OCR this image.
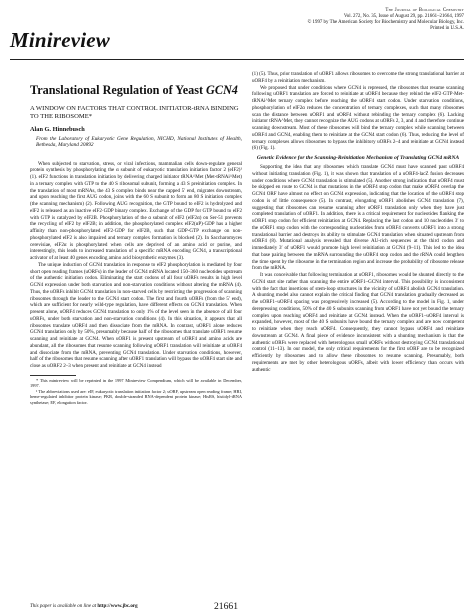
Minireview
The Journal of Biological Chemistry
Vol. 272, No. 35, Issue of August 29, pp. 21661–21664, 1997
© 1997 by The American Society for Biochemistry and Molecular Biology, Inc.
Printed in U.S.A.
Translational Regulation of Yeast GCN4
A WINDOW ON FACTORS THAT CONTROL INITIATOR-tRNA BINDING TO THE RIBOSOME*
Alan G. Hinnebusch
From the Laboratory of Eukaryotic Gene Regulation, NICHD, National Institutes of Health, Bethesda, Maryland 20892

When subjected to starvation, stress, or viral infections, mammalian cells down-regulate general protein synthesis by phosphorylating the α subunit of eukaryotic translation initiation factor 2 (eIF2)¹ (1). eIF2 functions in translation initiation by delivering charged initiator tRNA^Met (Met-tRNAi^Met) in a ternary complex with GTP to the 40 S ribosomal subunit, forming a 43 S preinitiation complex. In the translation of most mRNAs, the 43 S complex binds near the capped 5′ end, migrates downstream, and upon reaching the first AUG codon, joins with the 60 S subunit to form an 80 S initiation complex (the scanning mechanism) (2). Following AUG recognition, the GTP bound to eIF2 is hydrolyzed and eIF2 is released as an inactive eIF2·GDP binary complex. Exchange of the GDP for GTP bound to eIF2 with GTP is catalyzed by eIF2B. Phosphorylation of the α subunit of eIF2 (eIF2α) on Ser-51 prevents the recycling of eIF2 by eIF2B; in addition, the phosphorylated complex eIF2(αP)·GDP has a higher affinity than non-phosphorylated eIF2·GDP for eIF2B, such that GDP-GTP exchange on non-phosphorylated eIF2 is also impaired and ternary complex formation is blocked (2). In Saccharomyces cerevisiae, eIF2α is phosphorylated when cells are deprived of an amino acid or purine, and interestingly, this leads to increased translation of a specific mRNA encoding GCN4, a transcriptional activator of at least 40 genes encoding amino acid biosynthetic enzymes (3).

The unique induction of GCN4 translation in response to eIF2 phosphorylation is mediated by four short open reading frames (uORFs) in the leader of GCN4 mRNA located 150–360 nucleotides upstream of the authentic initiation codon. Eliminating the start codons of all four uORFs results in high level GCN4 expression under both starvation and non-starvation conditions without altering the mRNA (4). Thus, the uORFs inhibit GCN4 translation in non-starved cells by restricting the progression of scanning ribosomes through the leader to the GCN4 start codon. The first and fourth uORFs (from the 5′ end), which are sufficient for nearly wild-type regulation, have different effects on GCN4 translation. When present alone, uORF4 reduces GCN4 translation to only 1% of the level seen in the absence of all four uORFs, under both starvation and non-starvation conditions (4). In this situation, it appears that all ribosomes translate uORF4 and then dissociate from the mRNA. In contrast, uORF1 alone reduces GCN4 translation only by 50%, presumably because half of the ribosomes that translate uORF1 resume scanning and reinitiate at GCN4. When uORF1 is present upstream of uORF4 and amino acids are abundant, all the ribosomes that resume scanning following uORF1 translation will reinitiate at uORF4 and dissociate from the mRNA, preventing GCN4 translation. Under starvation conditions, however, half of the ribosomes that resume scanning after uORF1 translation will bypass the uORF4 start site and close as uORF2 2–3 when present and reinitiate at GCN4 instead

* This minireview will be reprinted in the 1997 Minireview Compendium, which will be available in December, 1997.

¹ The abbreviations used are: eIF, eukaryotic translation initiation factor 2; uORF, upstream open reading frame; HRI, heme-regulated inhibitor protein kinase; PKR, double-stranded RNA-dependent protein kinase; HisRS, histidyl-tRNA synthetase; EF, elongation factor.

(1) (5). Thus, prior translation of uORF1 allows ribosomes to overcome the strong translational barrier at uORF4 by a reinitiation mechanism.

We proposed that under conditions where GCN4 is repressed, the ribosomes that resume scanning following uORF1 translation are forced to reinitiate at uORF4 because they rebind the eIF2·GTP·Met-tRNAi^Met ternary complex before reaching the uORF4 start codon. Under starvation conditions, phosphorylation of eIF2α reduces the concentration of ternary complexes, such that many ribosomes scan the distance between uORF1 and uORF4 without rebinding the ternary complex (6). Lacking initiator tRNA^Met, they cannot recognize the AUG codons at uORFs 2, 3, and 4 and therefore continue scanning downstream. Most of these ribosomes will bind the ternary complex while scanning between uORF4 and GCN4, enabling them to reinitiate at the GCN4 start codon (6). Thus, reducing the level of ternary complexes allows ribosomes to bypass the inhibitory uORFs 2–4 and reinitiate at GCN4 instead (6) (Fig. 1).

Genetic Evidence for the Scanning-Reinitiation Mechanism of Translating GCN4 mRNA

Supporting the idea that any ribosomes which translate GCN4 must have scanned past uORF4 without initiating translation (Fig. 1), it was shown that translation of a uORF4-lacZ fusion decreases under conditions where GCN4 translation is stimulated (5). Another strong indication that uORF4 must be skipped en route to GCN4 is that mutations in the uORF4 stop codon that make uORF4 overlap the GCN4 ORF have almost no effect on GCN4 expression, indicating that the location of the uORF4 stop codon is of little consequence (5). In contrast, elongating uORF1 abolishes GCN4 translation (7), suggesting that ribosomes can resume scanning after uORF1 translation only when they have just completed translation of uORF1. In addition, there is a critical requirement for nucleotides flanking the uORF1 stop codon for efficient reinitiation at GCN4. Replacing the last codon and 10 nucleotides 3′ to the uORF1 stop codon with the corresponding nucleotides from uORF4 converts uORF1 into a strong translational barrier and destroys its ability to stimulate GCN4 translation when situated upstream from uORF4 (8). Mutational analysis revealed that diverse AU-rich sequences at the third codon and immediately 3′ of uORF1 would promote high level reinitiation at GCN4 (9–11). This led to the idea that base pairing between the mRNA surrounding the uORF4 stop codon and the rRNA could lengthen the time spent by the ribosome in the termination region and increase the probability of ribosome release from the mRNA.

It was conceivable that following termination at uORF1, ribosomes would be shunted directly to the GCN4 start site rather than scanning the entire uORF1–GCN4 interval. This possibility is inconsistent with the fact that insertions of stem-loop structures in the vicinity of uORF4 abolish GCN4 translation. A shunting model also cannot explain the critical finding that GCN4 translation gradually decreased as the uORF1–uORF4 spacing was progressively increased (5). According to the model in Fig. 1, under derepressing conditions, 50% of the 40 S subunits scanning from uORF1 have not yet bound the ternary complex upon reaching uORF4 and reinitiate at GCN4 instead. When the uORF1–uORF4 interval is expanded, however, most of the 40 S subunits have bound the ternary complex and are now competent to reinitiate when they reach uORF4. Consequently, they cannot bypass uORF4 and reinitiate downstream at GCN4. A final piece of evidence inconsistent with a shunting mechanism is that the authentic uORFs were replaced with heterologous small uORFs without destroying GCN4 translational control (11–13). In our model, the only critical requirements for the first uORF are to be recognized efficiently by ribosomes and to allow these ribosomes to resume scanning. Presumably, both requirements are met by other heterologous uORFs, albeit with lower efficiency than occurs with authentic

This paper is available on line at http://www.jbc.org	21661
